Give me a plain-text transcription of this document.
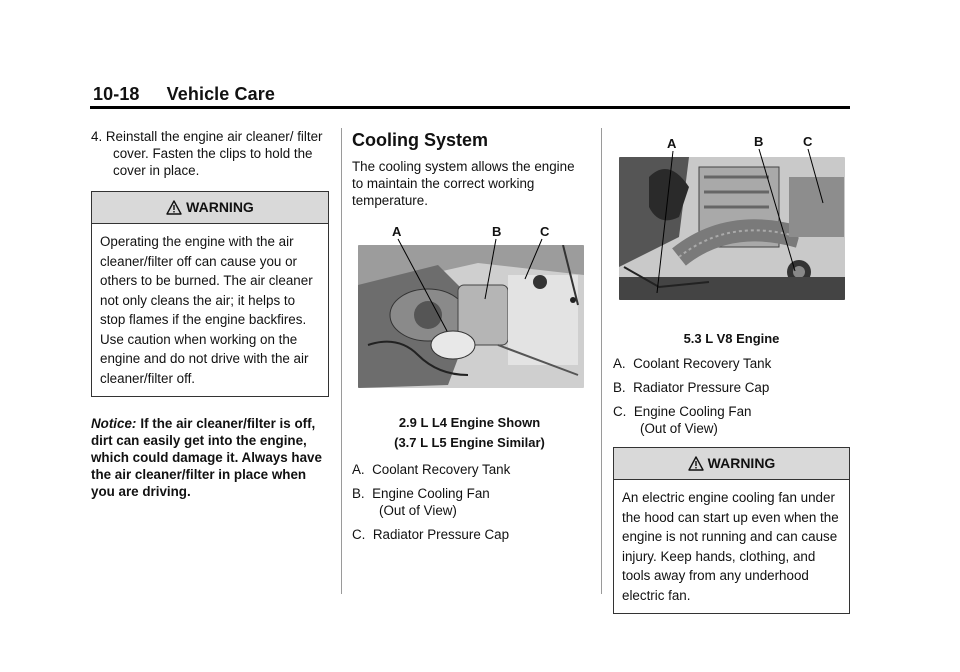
10-18 Vehicle Care

4. Reinstall the engine air cleaner/ filter cover. Fasten the clips to hold the cover in place.

WARNING
Operating the engine with the air cleaner/filter off can cause you or others to be burned. The air cleaner not only cleans the air; it helps to stop flames if the engine backfires. Use caution when working on the engine and do not drive with the air cleaner/filter off.
Notice: If the air cleaner/filter is off, dirt can easily get into the engine, which could damage it. Always have the air cleaner/filter in place when you are driving.
Cooling System

The cooling system allows the engine to maintain the correct working temperature.

A	B	C
2.9 L L4 Engine Shown
(3.7 L L5 Engine Similar)

A. Coolant Recovery Tank

B. Engine Cooling Fan
(Out of View)

C. Radiator Pressure Cap

A	B	C
5.3 L V8 Engine

A. Coolant Recovery Tank

B. Radiator Pressure Cap

C. Engine Cooling Fan
(Out of View)

WARNING
An electric engine cooling fan under the hood can start up even when the engine is not running and can cause injury. Keep hands, clothing, and tools away from any underhood electric fan.
